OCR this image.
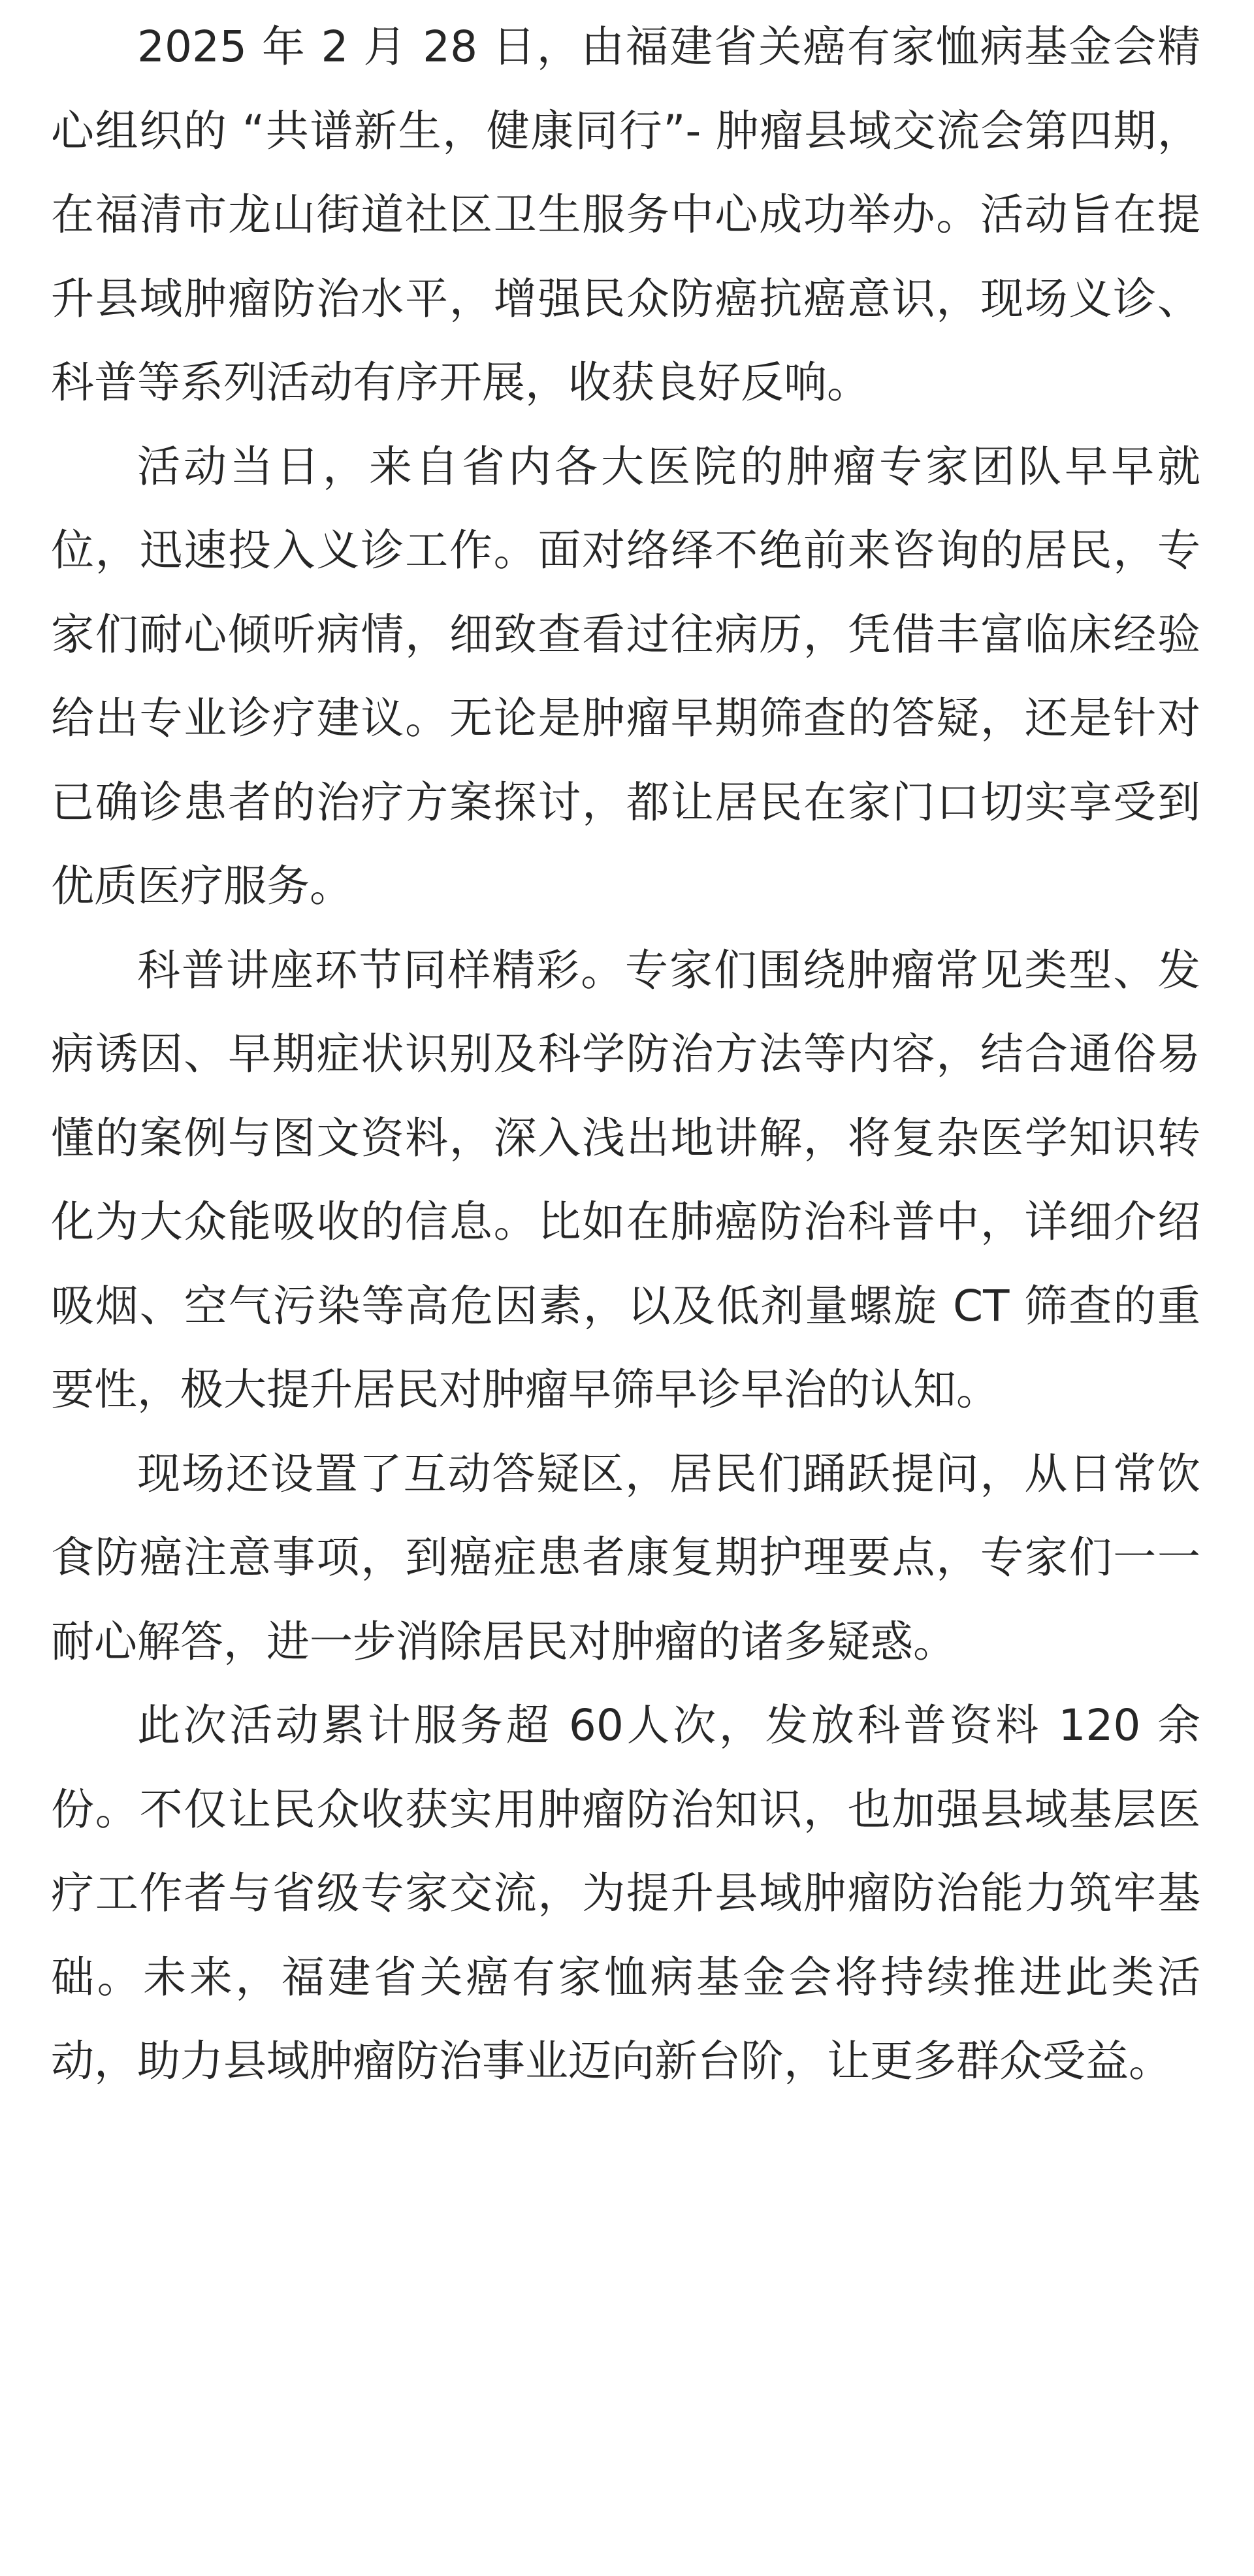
2025 年 2 月 28 日，由福建省关癌有家恤病基金会精心组织的 “共谱新生，健康同行”- 肿瘤县域交流会第四期，在福清市龙山街道社区卫生服务中心成功举办。活动旨在提升县域肿瘤防治水平，增强民众防癌抗癌意识，现场义诊、科普等系列活动有序开展，收获良好反响。

活动当日，来自省内各大医院的肿瘤专家团队早早就位，迅速投入义诊工作。面对络绎不绝前来咨询的居民，专家们耐心倾听病情，细致查看过往病历，凭借丰富临床经验给出专业诊疗建议。无论是肿瘤早期筛查的答疑，还是针对已确诊患者的治疗方案探讨，都让居民在家门口切实享受到优质医疗服务。

科普讲座环节同样精彩。专家们围绕肿瘤常见类型、发病诱因、早期症状识别及科学防治方法等内容，结合通俗易懂的案例与图文资料，深入浅出地讲解，将复杂医学知识转化为大众能吸收的信息。比如在肺癌防治科普中，详细介绍吸烟、空气污染等高危因素，以及低剂量螺旋 CT 筛查的重要性，极大提升居民对肿瘤早筛早诊早治的认知。

现场还设置了互动答疑区，居民们踊跃提问，从日常饮食防癌注意事项，到癌症患者康复期护理要点，专家们一一耐心解答，进一步消除居民对肿瘤的诸多疑惑。

此次活动累计服务超 60人次，发放科普资料 120 余份。不仅让民众收获实用肿瘤防治知识，也加强县域基层医疗工作者与省级专家交流，为提升县域肿瘤防治能力筑牢基础。未来，福建省关癌有家恤病基金会将持续推进此类活动，助力县域肿瘤防治事业迈向新台阶，让更多群众受益。
